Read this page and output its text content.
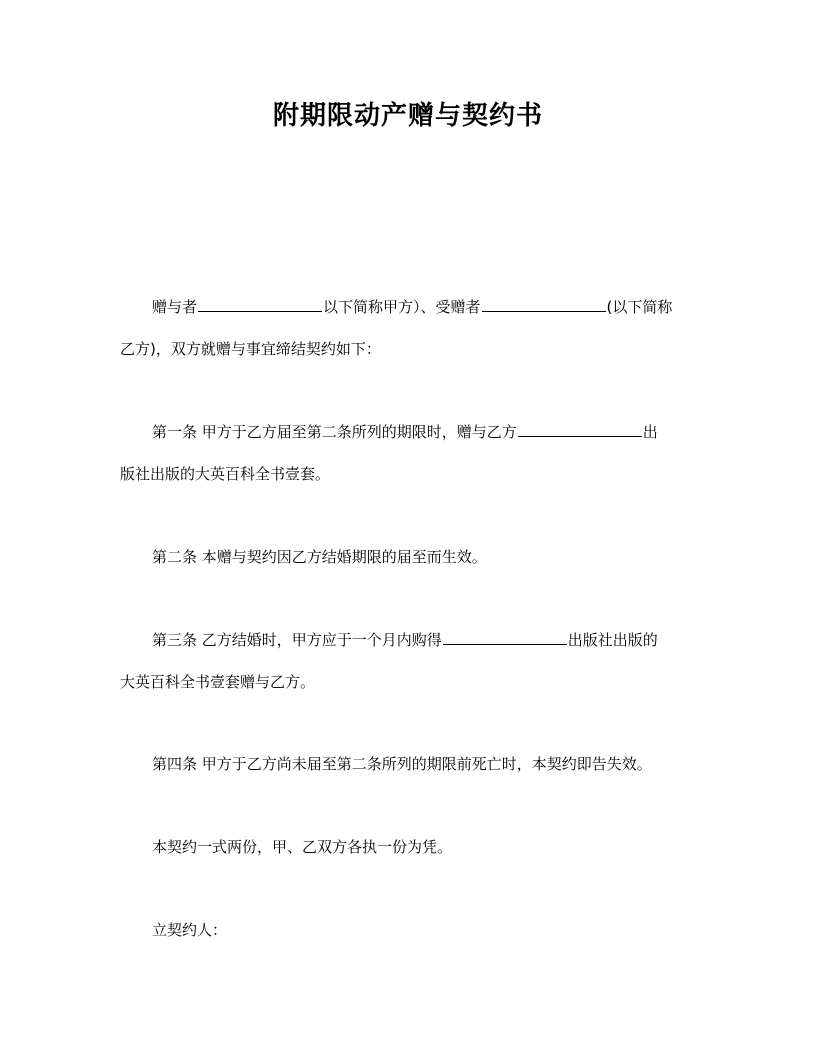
附期限动产赠与契约书
赠与者	以下简称甲方）、受赠者	(以下简称
乙方)，双方就赠与事宜缔结契约如下：
第一条 甲方于乙方届至第二条所列的期限时，赠与乙方	出
版社出版的大英百科全书壹套。
第二条 本赠与契约因乙方结婚期限的届至而生效。
第三条 乙方结婚时，甲方应于一个月内购得	出版社出版的
大英百科全书壹套赠与乙方。
第四条 甲方于乙方尚未届至第二条所列的期限前死亡时，本契约即告失效。
本契约一式两份，甲、乙双方各执一份为凭。
立契约人：
